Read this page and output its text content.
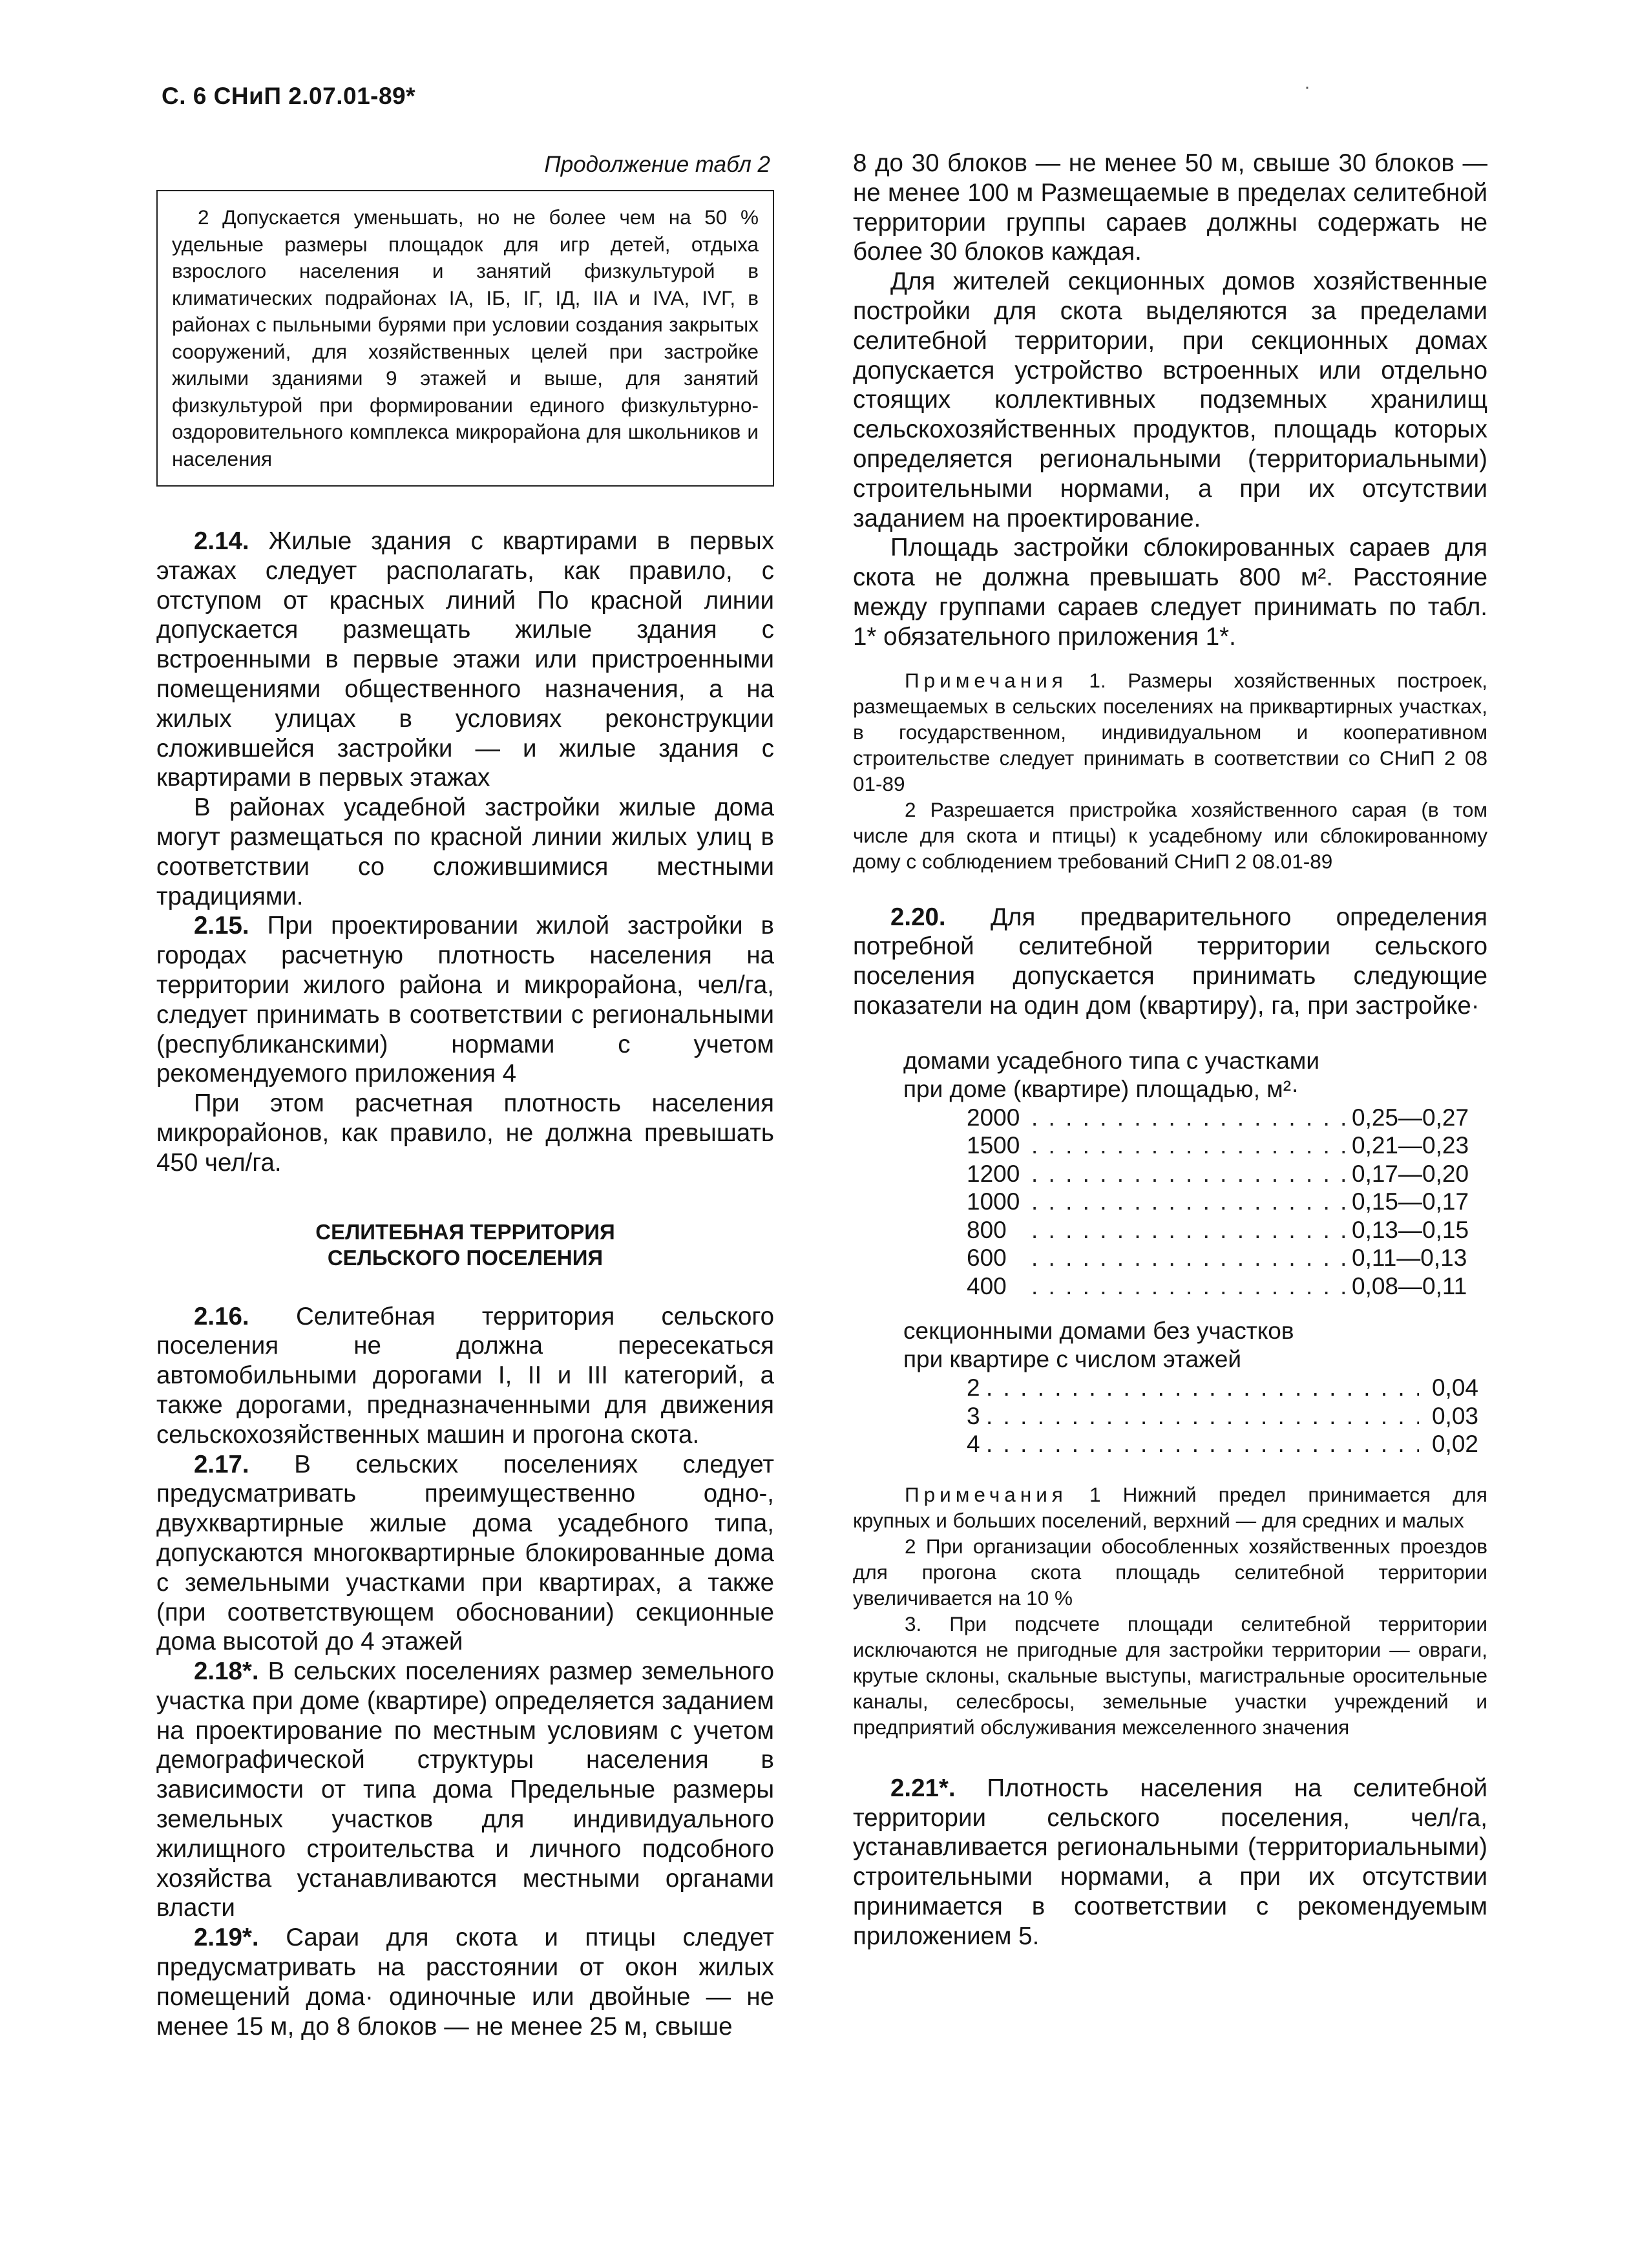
С. 6 СНиП 2.07.01-89*	·
Продолжение табл 2

2 Допускается уменьшать, но не более чем на 50 % удельные размеры площадок для игр детей, отдыха взрослого населения и занятий физкультурой в климатических подрайонах IA, IБ, IГ, IД, IIA и IVA, IVГ, в районах с пыльными бурями при условии создания закрытых сооружений, для хозяйственных целей при застройке жилыми зданиями 9 этажей и выше, для занятий физкультурой при формировании единого физкультурно-оздоровительного комплекса микрорайона для школьников и населения

2.14. Жилые здания с квартирами в первых этажах следует располагать, как правило, с отступом от красных линий По красной линии допускается размещать жилые здания с встроенными в первые этажи или пристроенными помещениями общественного назначения, а на жилых улицах в условиях реконструкции сложившейся застройки — и жилые здания с квартирами в первых этажах

В районах усадебной застройки жилые дома могут размещаться по красной линии жилых улиц в соответствии со сложившимися местными традициями.

2.15. При проектировании жилой застройки в городах расчетную плотность населения на территории жилого района и микрорайона, чел/га, следует принимать в соответствии с региональными (республиканскими) нормами с учетом рекомендуемого приложения 4

При этом расчетная плотность населения микрорайонов, как правило, не должна превышать 450 чел/га.

СЕЛИТЕБНАЯ ТЕРРИТОРИЯ
СЕЛЬСКОГО ПОСЕЛЕНИЯ

2.16. Селитебная территория сельского поселения не должна пересекаться автомобильными дорогами I, II и III категорий, а также дорогами, предназначенными для движения сельскохозяйственных машин и прогона скота.

2.17. В сельских поселениях следует предусматривать преимущественно одно-, двухквартирные жилые дома усадебного типа, допускаются многоквартирные блокированные дома с земельными участками при квартирах, а также (при соответствующем обосновании) секционные дома высотой до 4 этажей

2.18*. В сельских поселениях размер земельного участка при доме (квартире) определяется заданием на проектирование по местным условиям с учетом демографической структуры населения в зависимости от типа дома Предельные размеры земельных участков для индивидуального жилищного строительства и личного подсобного хозяйства устанавливаются местными органами власти

2.19*. Сараи для скота и птицы следует предусматривать на расстоянии от окон жилых помещений дома· одиночные или двойные — не менее 15 м, до 8 блоков — не менее 25 м, свыше

8 до 30 блоков — не менее 50 м, свыше 30 блоков — не менее 100 м Размещаемые в пределах селитебной территории группы сараев должны содержать не более 30 блоков каждая.

Для жителей секционных домов хозяйственные постройки для скота выделяются за пределами селитебной территории, при секционных домах допускается устройство встроенных или отдельно стоящих коллективных подземных хранилищ сельскохозяйственных продуктов, площадь которых определяется региональными (территориальными) строительными нормами, а при их отсутствии заданием на проектирование.

Площадь застройки сблокированных сараев для скота не должна превышать 800 м². Расстояние между группами сараев следует принимать по табл. 1* обязательного приложения 1*.

Примечания 1. Размеры хозяйственных построек, размещаемых в сельских поселениях на приквартирных участках, в государственном, индивидуальном и кооперативном строительстве следует принимать в соответствии со СНиП 2 08 01-89

2 Разрешается пристройка хозяйственного сарая (в том числе для скота и птицы) к усадебному или сблокированному дому с соблюдением требований СНиП 2 08.01-89

2.20. Для предварительного определения потребной селитебной территории сельского поселения допускается принимать следующие показатели на один дом (квартиру), га, при застройке·

домами усадебного типа с участками
при доме (квартире) площадью, м²·
2000 . . .	0,25—0,27
1500 . . .	0,21—0,23
1200 . . .	0,17—0,20
1000 . . .	0,15—0,17
800 . . .	0,13—0,15
600 . . .	0,11—0,13
400 . . .	0,08—0,11
секционными домами без участков
при квартире с числом этажей
2 . . .	0,04
3 . . .	0,03
4 . . .	0,02

Примечания 1 Нижний предел принимается для крупных и больших поселений, верхний — для средних и малых

2 При организации обособленных хозяйственных проездов для прогона скота площадь селитебной территории увеличивается на 10 %

3. При подсчете площади селитебной территории исключаются не пригодные для застройки территории — овраги, крутые склоны, скальные выступы, магистральные оросительные каналы, селесбросы, земельные участки учреждений и предприятий обслуживания межселенного значения

2.21*. Плотность населения на селитебной территории сельского поселения, чел/га, устанавливается региональными (территориальными) строительными нормами, а при их отсутствии принимается в соответствии с рекомендуемым приложением 5.
